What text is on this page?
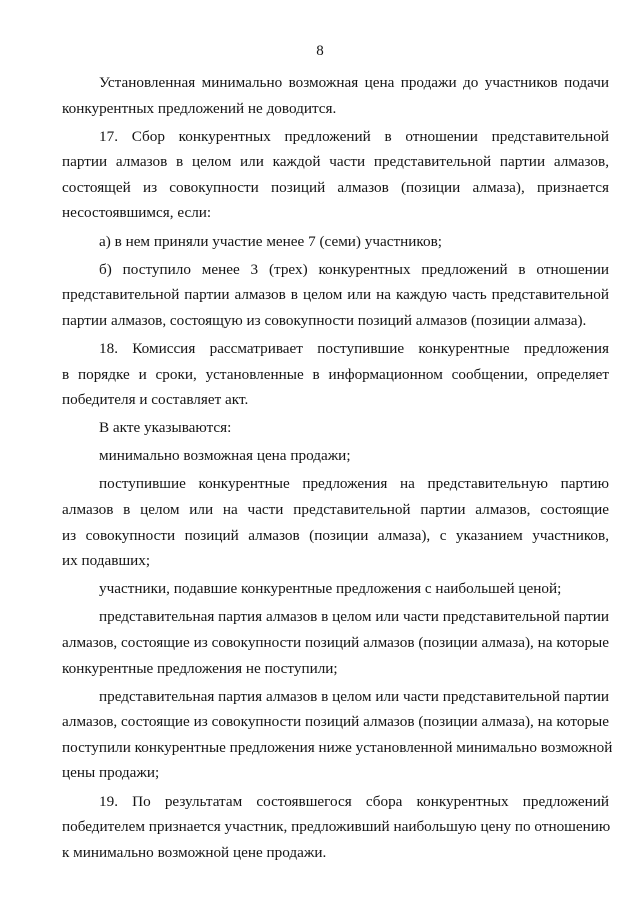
8
Установленная минимально возможная цена продажи до участников подачи
конкурентных предложений не доводится.
17. Сбор конкурентных предложений в отношении представительной
партии алмазов в целом или каждой части представительной партии алмазов,
состоящей из совокупности позиций алмазов (позиции алмаза), признается
несостоявшимся, если:
а) в нем приняли участие менее 7 (семи) участников;
б) поступило менее 3 (трех) конкурентных предложений в отношении
представительной партии алмазов в целом или на каждую часть представительной
партии алмазов, состоящую из совокупности позиций алмазов (позиции алмаза).
18. Комиссия рассматривает поступившие конкурентные предложения
в порядке и сроки, установленные в информационном сообщении, определяет
победителя и составляет акт.
В акте указываются:
минимально возможная цена продажи;
поступившие конкурентные предложения на представительную партию
алмазов в целом или на части представительной партии алмазов, состоящие
из совокупности позиций алмазов (позиции алмаза), с указанием участников,
их подавших;
участники, подавшие конкурентные предложения с наибольшей ценой;
представительная партия алмазов в целом или части представительной партии
алмазов, состоящие из совокупности позиций алмазов (позиции алмаза), на которые
конкурентные предложения не поступили;
представительная партия алмазов в целом или части представительной партии
алмазов, состоящие из совокупности позиций алмазов (позиции алмаза), на которые
поступили конкурентные предложения ниже установленной минимально возможной
цены продажи;
19. По результатам состоявшегося сбора конкурентных предложений
победителем признается участник, предложивший наибольшую цену по отношению
к минимально возможной цене продажи.
